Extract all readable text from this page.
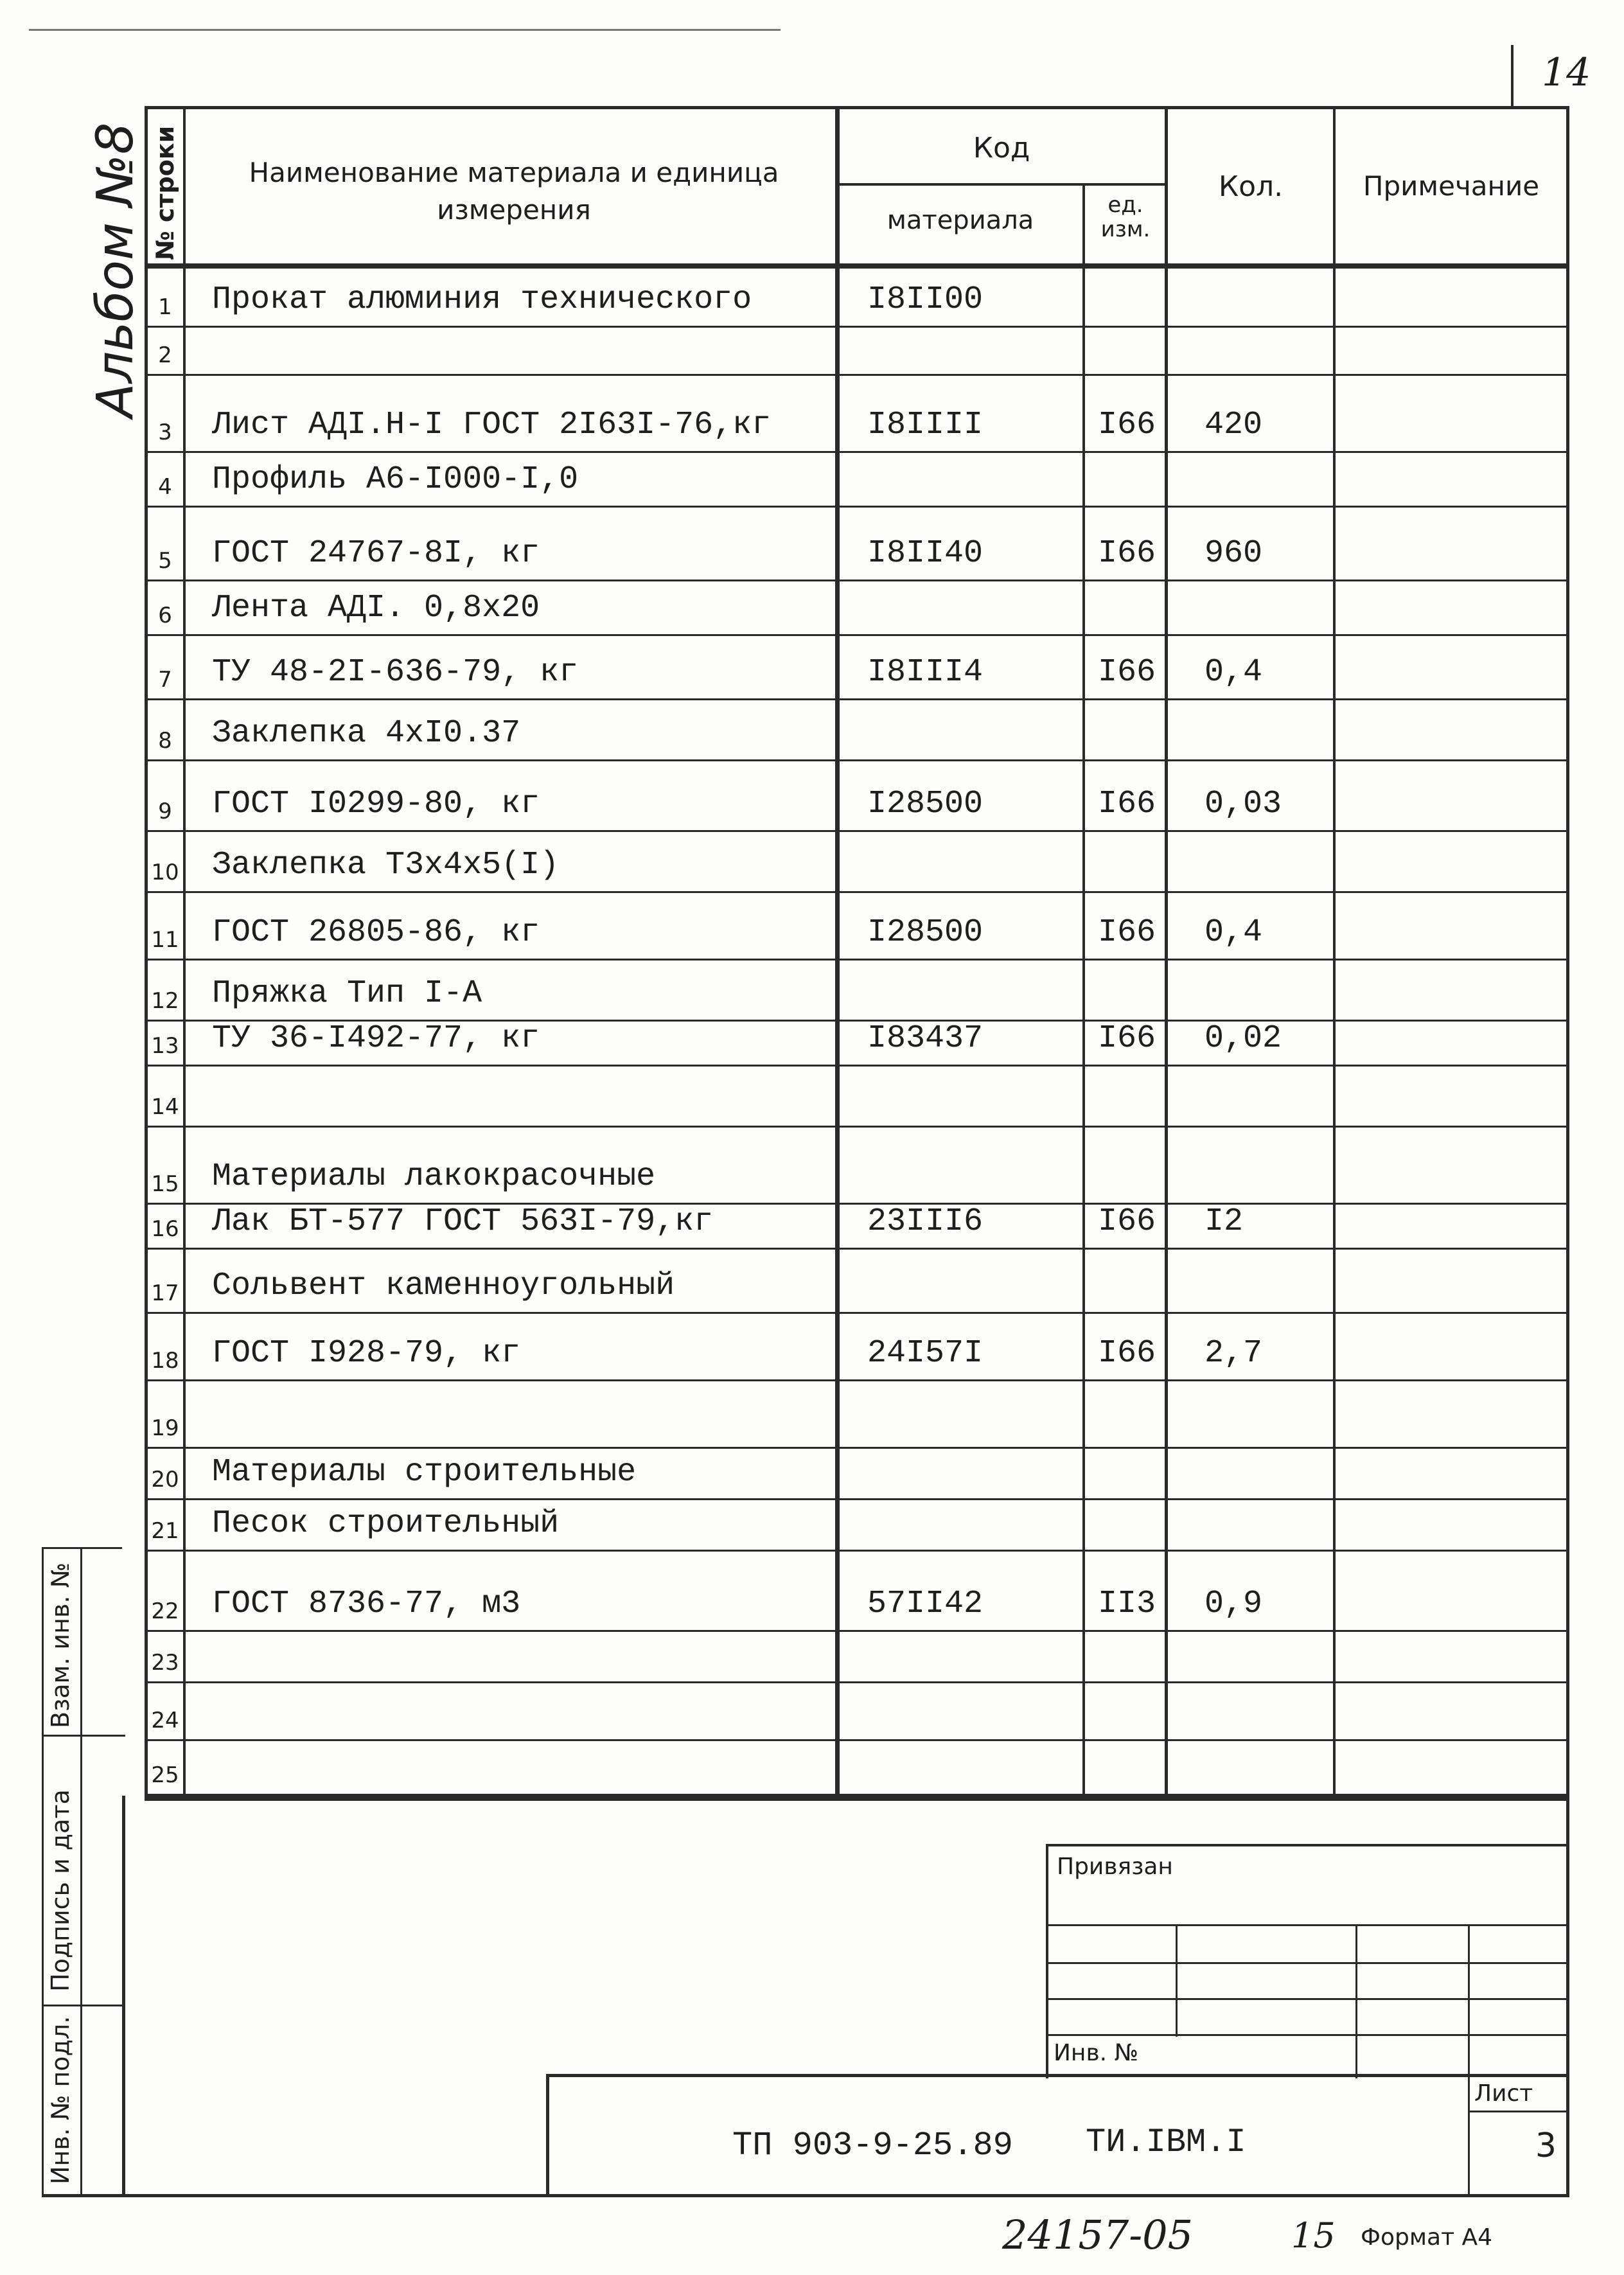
14
Альбом №8 № строки	Наименование материала и единица измерения
Код
материала
ед. изм.
Кол.	Примечание
1	Прокат алюминия технического	I8II00
2
3	Лист АДI.Н-I ГОСТ 2I63I-76,кг	I8IIII	I66 420
4	Профиль А6-I000-I,0
5	ГОСТ 24767-8I, кг	I8II40	I66 960
6	Лента АДI. 0,8х20
7	ТУ 48-2I-636-79, кг	I8III4	I66 0,4
8	Заклепка 4хI0.37
9	ГОСТ I0299-80, кг	I28500	I66 0,03
10 Заклепка Т3х4х5(I)
11 ГОСТ 26805-86, кг	I28500	I66 0,4
12 Пряжка Тип I-А
13 ТУ 36-I492-77, кг	I83437	I66 0,02
14
15 Материалы лакокрасочные
16 Лак БТ-577 ГОСТ 563I-79,кг	23III6	I66 I2
17 Сольвент каменноугольный
18 ГОСТ I928-79, кг	24I57I	I66 2,7
19
20 Материалы строительные
21 Песок строительный
22 ГОСТ 8736-77, м3	57II42	II3 0,9
23
24
25
Взам. инв. №
Подпись и дата
Инв. № подл.
Привязан
Инв. №
ТП 903-9-25.89 ТИ.IВМ.I
Лист
3
24157-05	15 Формат А4
